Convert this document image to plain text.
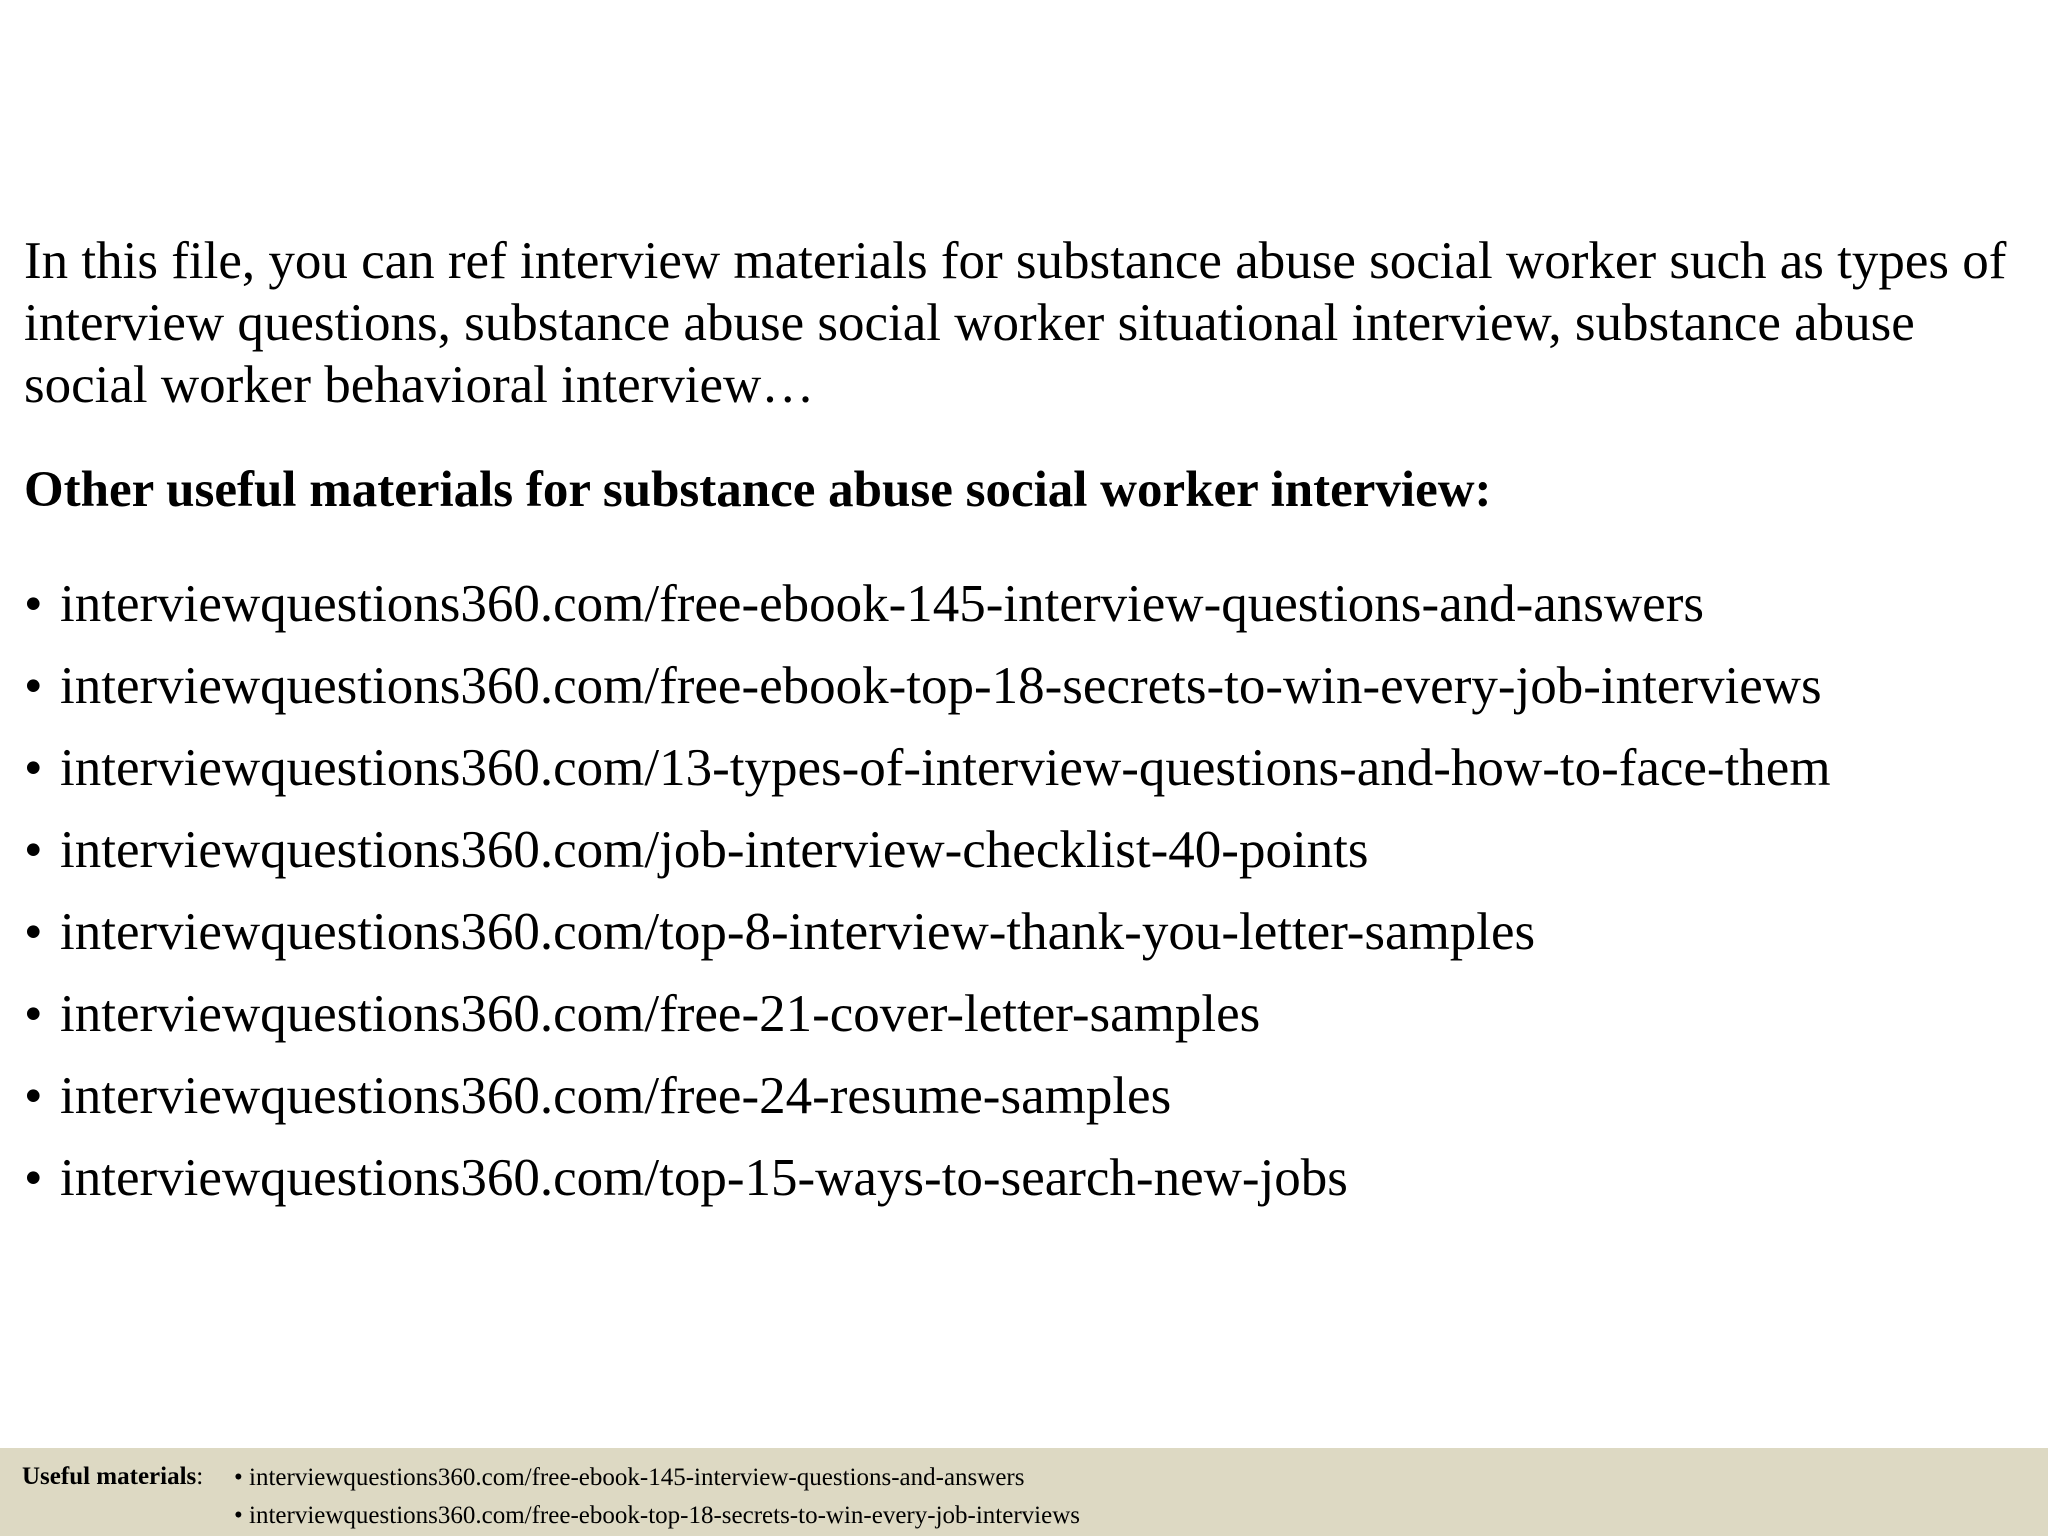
In this file, you can ref interview materials for substance abuse social worker such as types of interview questions, substance abuse social worker situational interview, substance abuse social worker behavioral interview…

Other useful materials for substance abuse social worker interview:
• interviewquestions360.com/free-ebook-145-interview-questions-and-answers
• interviewquestions360.com/free-ebook-top-18-secrets-to-win-every-job-interviews
• interviewquestions360.com/13-types-of-interview-questions-and-how-to-face-them
• interviewquestions360.com/job-interview-checklist-40-points
• interviewquestions360.com/top-8-interview-thank-you-letter-samples
• interviewquestions360.com/free-21-cover-letter-samples
• interviewquestions360.com/free-24-resume-samples
• interviewquestions360.com/top-15-ways-to-search-new-jobs
Useful materials: • interviewquestions360.com/free-ebook-145-interview-questions-and-answers
• interviewquestions360.com/free-ebook-top-18-secrets-to-win-every-job-interviews
